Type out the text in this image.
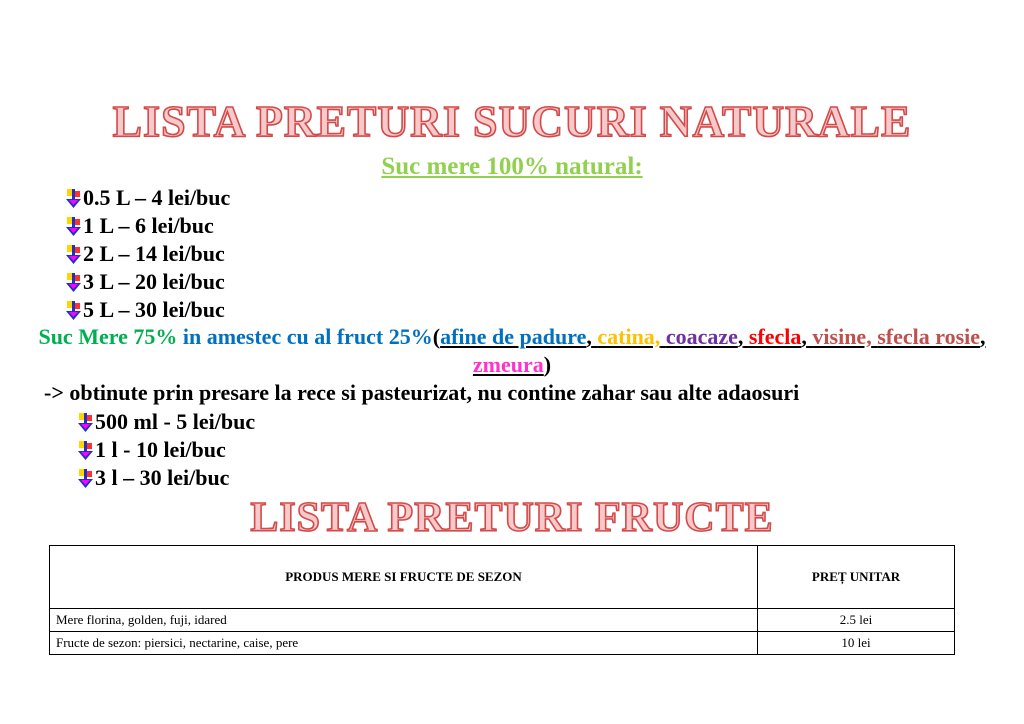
LISTA PRETURI SUCURI NATURALE
Suc mere 100% natural:
0.5 L – 4 lei/buc
1 L – 6 lei/buc
2 L – 14 lei/buc
3 L – 20 lei/buc
5 L – 30 lei/buc
Suc Mere 75% in amestec cu al fruct 25%(afine de padure, catina, coacaze, sfecla, visine, sfecla rosie, zmeura)
-> obtinute prin presare la rece si pasteurizat, nu contine zahar sau alte adaosuri
500 ml - 5 lei/buc
1 l - 10 lei/buc
3 l – 30 lei/buc
LISTA PRETURI FRUCTE
PRODUS MERE SI FRUCTE DE SEZON	PREȚ UNITAR
Mere florina, golden, fuji, idared	2.5 lei
Fructe de sezon: piersici, nectarine, caise, pere	10 lei
